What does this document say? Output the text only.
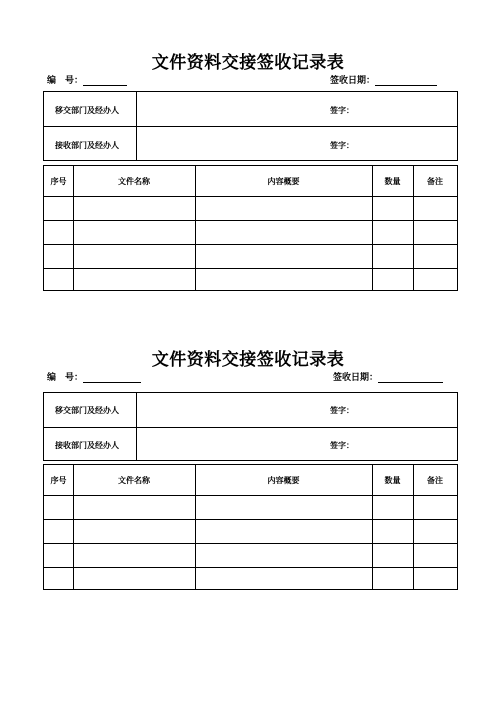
文件资料交接签收记录表
编　号：	签收日期：
移交部门及经办人	签字：
接收部门及经办人	签字：
序号	文件名称	内容概要	数量	备注
文件资料交接签收记录表
编　号：	签收日期：
移交部门及经办人	签字：
接收部门及经办人	签字：
序号	文件名称	内容概要	数量	备注
